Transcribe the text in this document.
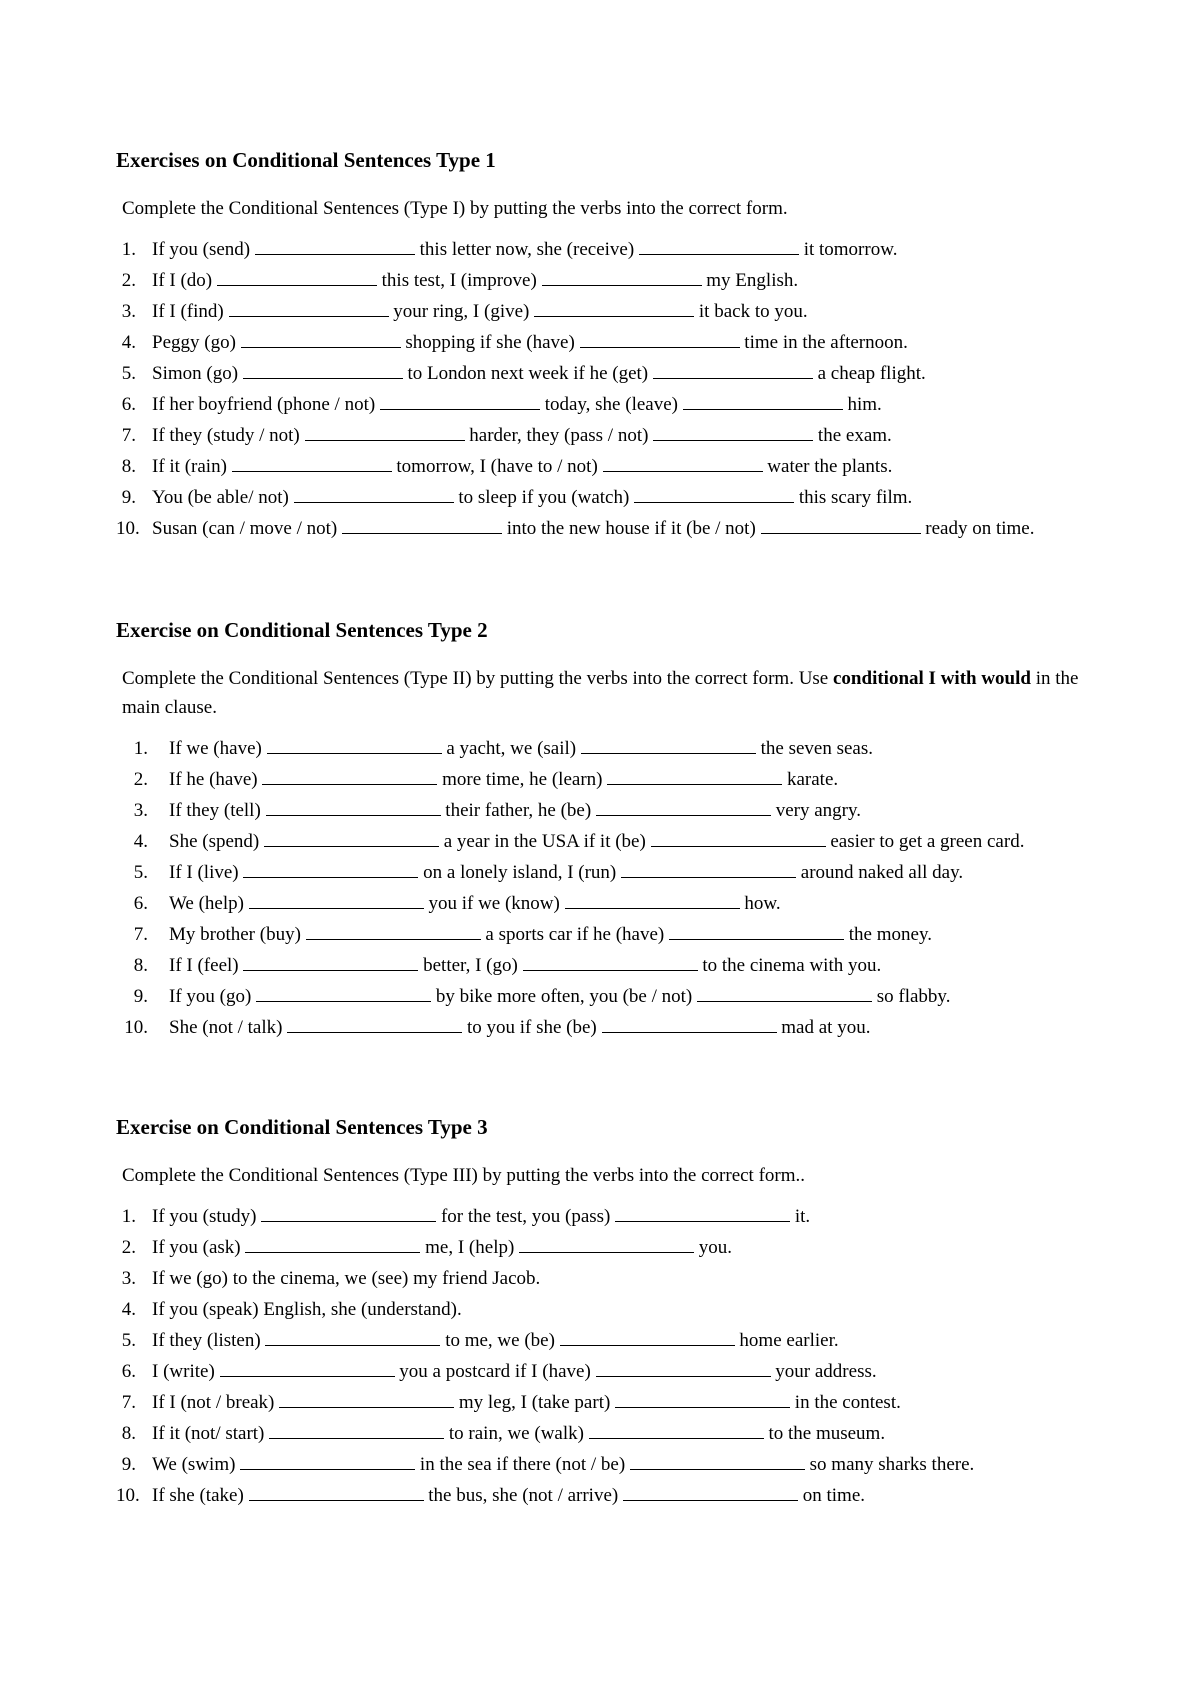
Exercises on Conditional Sentences Type 1

Complete the Conditional Sentences (Type I) by putting the verbs into the correct form.

1. If you (send)	this letter now, she (receive)	it tomorrow.
2. If I (do)	this test, I (improve)	my English.
3. If I (find)	your ring, I (give)	it back to you.
4. Peggy (go)	shopping if she (have)	time in the afternoon.
5. Simon (go)	to London next week if he (get)	a cheap flight.
6. If her boyfriend (phone / not)	today, she (leave)	him.
7. If they (study / not)	harder, they (pass / not)	the exam.
8. If it (rain)	tomorrow, I (have to / not)	water the plants.
9. You (be able/ not)	to sleep if you (watch)	this scary film.
10. Susan (can / move / not)	into the new house if it (be / not)	ready on time.
Exercise on Conditional Sentences Type 2

Complete the Conditional Sentences (Type II) by putting the verbs into the correct form. Use conditional I with would in the main clause.

1. If we (have)	a yacht, we (sail)	the seven seas.
2. If he (have)	more time, he (learn)	karate.
3. If they (tell)	their father, he (be)	very angry.
4. She (spend)	a year in the USA if it (be)	easier to get a green card.
5. If I (live)	on a lonely island, I (run)	around naked all day.
6. We (help)	you if we (know)	how.
7. My brother (buy)	a sports car if he (have)	the money.
8. If I (feel)	better, I (go)	to the cinema with you.
9. If you (go)	by bike more often, you (be / not)	so flabby.
10. She (not / talk)	to you if she (be)	mad at you.
Exercise on Conditional Sentences Type 3

Complete the Conditional Sentences (Type III) by putting the verbs into the correct form..

1. If you (study)	for the test, you (pass)	it.
2. If you (ask)	me, I (help)	you.
3. If we (go) to the cinema, we (see) my friend Jacob.
4. If you (speak) English, she (understand).
5. If they (listen)	to me, we (be)	home earlier.
6. I (write)	you a postcard if I (have)	your address.
7. If I (not / break)	my leg, I (take part)	in the contest.
8. If it (not/ start)	to rain, we (walk)	to the museum.
9. We (swim)	in the sea if there (not / be)	so many sharks there.
10. If she (take)	the bus, she (not / arrive)	on time.
